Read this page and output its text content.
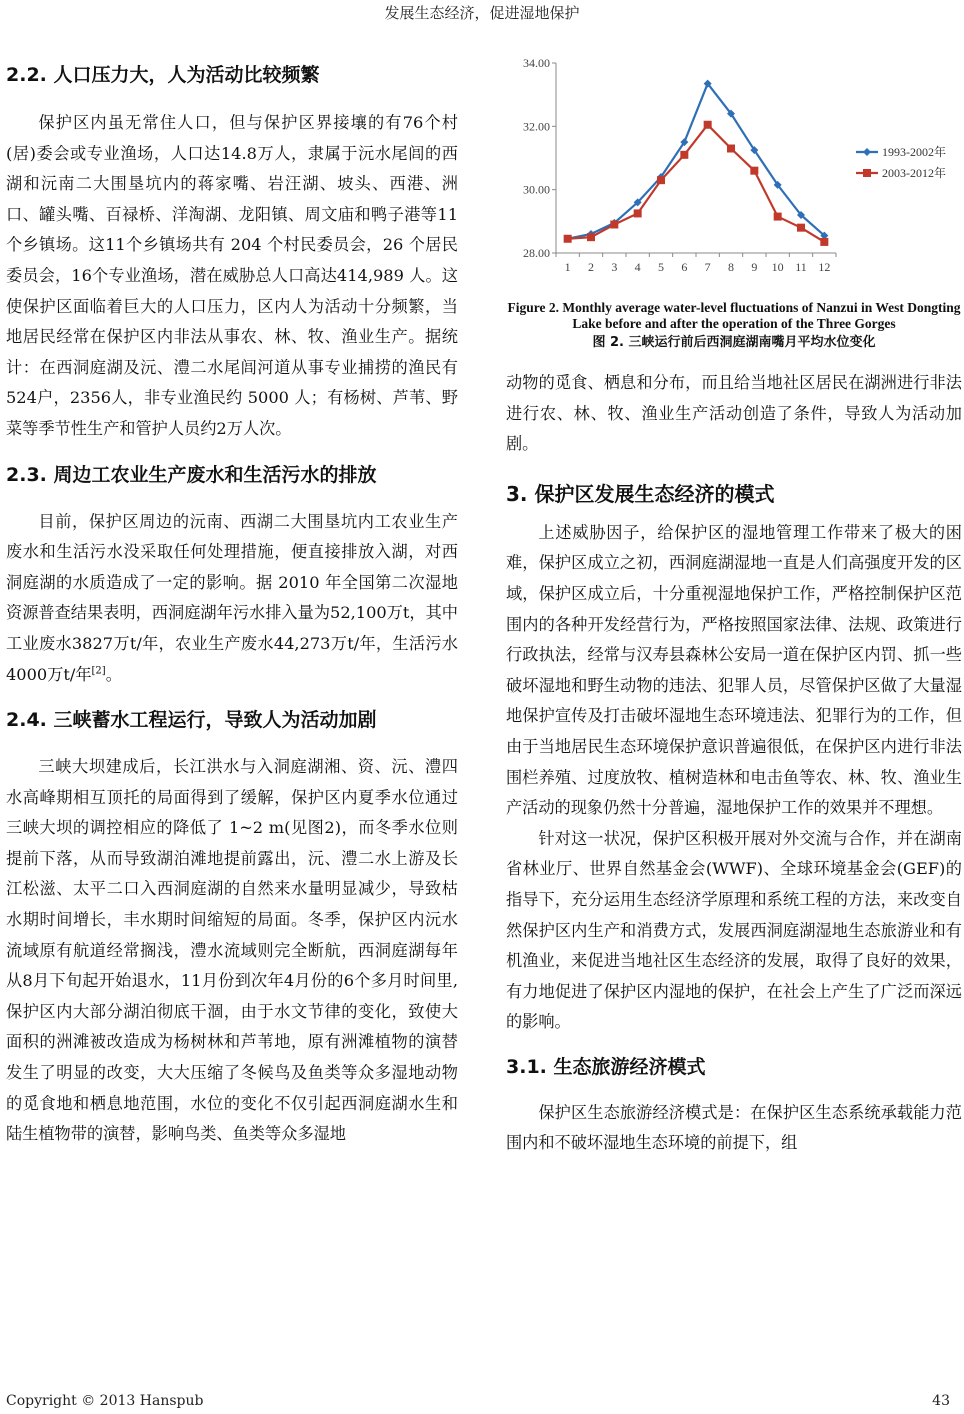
发展生态经济，促进湿地保护
2.2. 人口压力大，人为活动比较频繁

保护区内虽无常住人口，但与保护区界接壤的有76个村(居)委会或专业渔场，人口达14.8万人，隶属于沅水尾闾的西湖和沅南二大围垦坑内的蒋家嘴、岩汪湖、坡头、西港、洲口、罐头嘴、百禄桥、洋淘湖、龙阳镇、周文庙和鸭子港等11个乡镇场。这11个乡镇场共有 204 个村民委员会，26 个居民委员会，16个专业渔场，潜在威胁总人口高达414,989 人。这使保护区面临着巨大的人口压力，区内人为活动十分频繁，当地居民经常在保护区内非法从事农、林、牧、渔业生产。据统计：在西洞庭湖及沅、澧二水尾闾河道从事专业捕捞的渔民有524户，2356人，非专业渔民约 5000 人；有杨树、芦苇、野菜等季节性生产和管护人员约2万人次。

2.3. 周边工农业生产废水和生活污水的排放

目前，保护区周边的沅南、西湖二大围垦坑内工农业生产废水和生活污水没采取任何处理措施，便直接排放入湖，对西洞庭湖的水质造成了一定的影响。据 2010 年全国第二次湿地资源普查结果表明，西洞庭湖年污水排入量为52,100万t，其中工业废水3827万t/年，农业生产废水44,273万t/年，生活污水4000万t/年[2]。

2.4. 三峡蓄水工程运行，导致人为活动加剧

三峡大坝建成后，长江洪水与入洞庭湖湘、资、沅、澧四水高峰期相互顶托的局面得到了缓解，保护区内夏季水位通过三峡大坝的调控相应的降低了 1~2 m(见图2)，而冬季水位则提前下落，从而导致湖泊滩地提前露出，沅、澧二水上游及长江松滋、太平二口入西洞庭湖的自然来水量明显减少，导致枯水期时间增长，丰水期时间缩短的局面。冬季，保护区内沅水流域原有航道经常搁浅，澧水流域则完全断航，西洞庭湖每年从8月下旬起开始退水，11月份到次年4月份的6个多月时间里,保护区内大部分湖泊彻底干涸，由于水文节律的变化，致使大面积的洲滩被改造成为杨树林和芦苇地，原有洲滩植物的演替发生了明显的改变，大大压缩了冬候鸟及鱼类等众多湿地动物的觅食地和栖息地范围，水位的变化不仅引起西洞庭湖水生和陆生植物带的演替，影响鸟类、鱼类等众多湿地

28.00
30.00
32.00
34.00
1 2 3 4 5 6 7 8 9 10 11 12
1993-2002年
2003-2012年

Figure 2. Monthly average water-level fluctuations of Nanzui in West Dongting Lake before and after the operation of the Three Gorges

图 2. 三峡运行前后西洞庭湖南嘴月平均水位变化

动物的觅食、栖息和分布，而且给当地社区居民在湖洲进行非法进行农、林、牧、渔业生产活动创造了条件，导致人为活动加剧。

3. 保护区发展生态经济的模式

上述威胁因子，给保护区的湿地管理工作带来了极大的困难，保护区成立之初，西洞庭湖湿地一直是人们高强度开发的区域，保护区成立后，十分重视湿地保护工作，严格控制保护区范围内的各种开发经营行为，严格按照国家法律、法规、政策进行行政执法，经常与汉寿县森林公安局一道在保护区内罚、抓一些破坏湿地和野生动物的违法、犯罪人员，尽管保护区做了大量湿地保护宣传及打击破坏湿地生态环境违法、犯罪行为的工作，但由于当地居民生态环境保护意识普遍很低，在保护区内进行非法围栏养殖、过度放牧、植树造林和电击鱼等农、林、牧、渔业生产活动的现象仍然十分普遍，湿地保护工作的效果并不理想。

针对这一状况，保护区积极开展对外交流与合作，并在湖南省林业厅、世界自然基金会(WWF)、全球环境基金会(GEF)的指导下，充分运用生态经济学原理和系统工程的方法，来改变自然保护区内生产和消费方式，发展西洞庭湖湿地生态旅游业和有机渔业，来促进当地社区生态经济的发展，取得了良好的效果，有力地促进了保护区内湿地的保护，在社会上产生了广泛而深远的影响。

3.1. 生态旅游经济模式

保护区生态旅游经济模式是：在保护区生态系统承载能力范围内和不破坏湿地生态环境的前提下，组

Copyright © 2013 Hanspub	43
